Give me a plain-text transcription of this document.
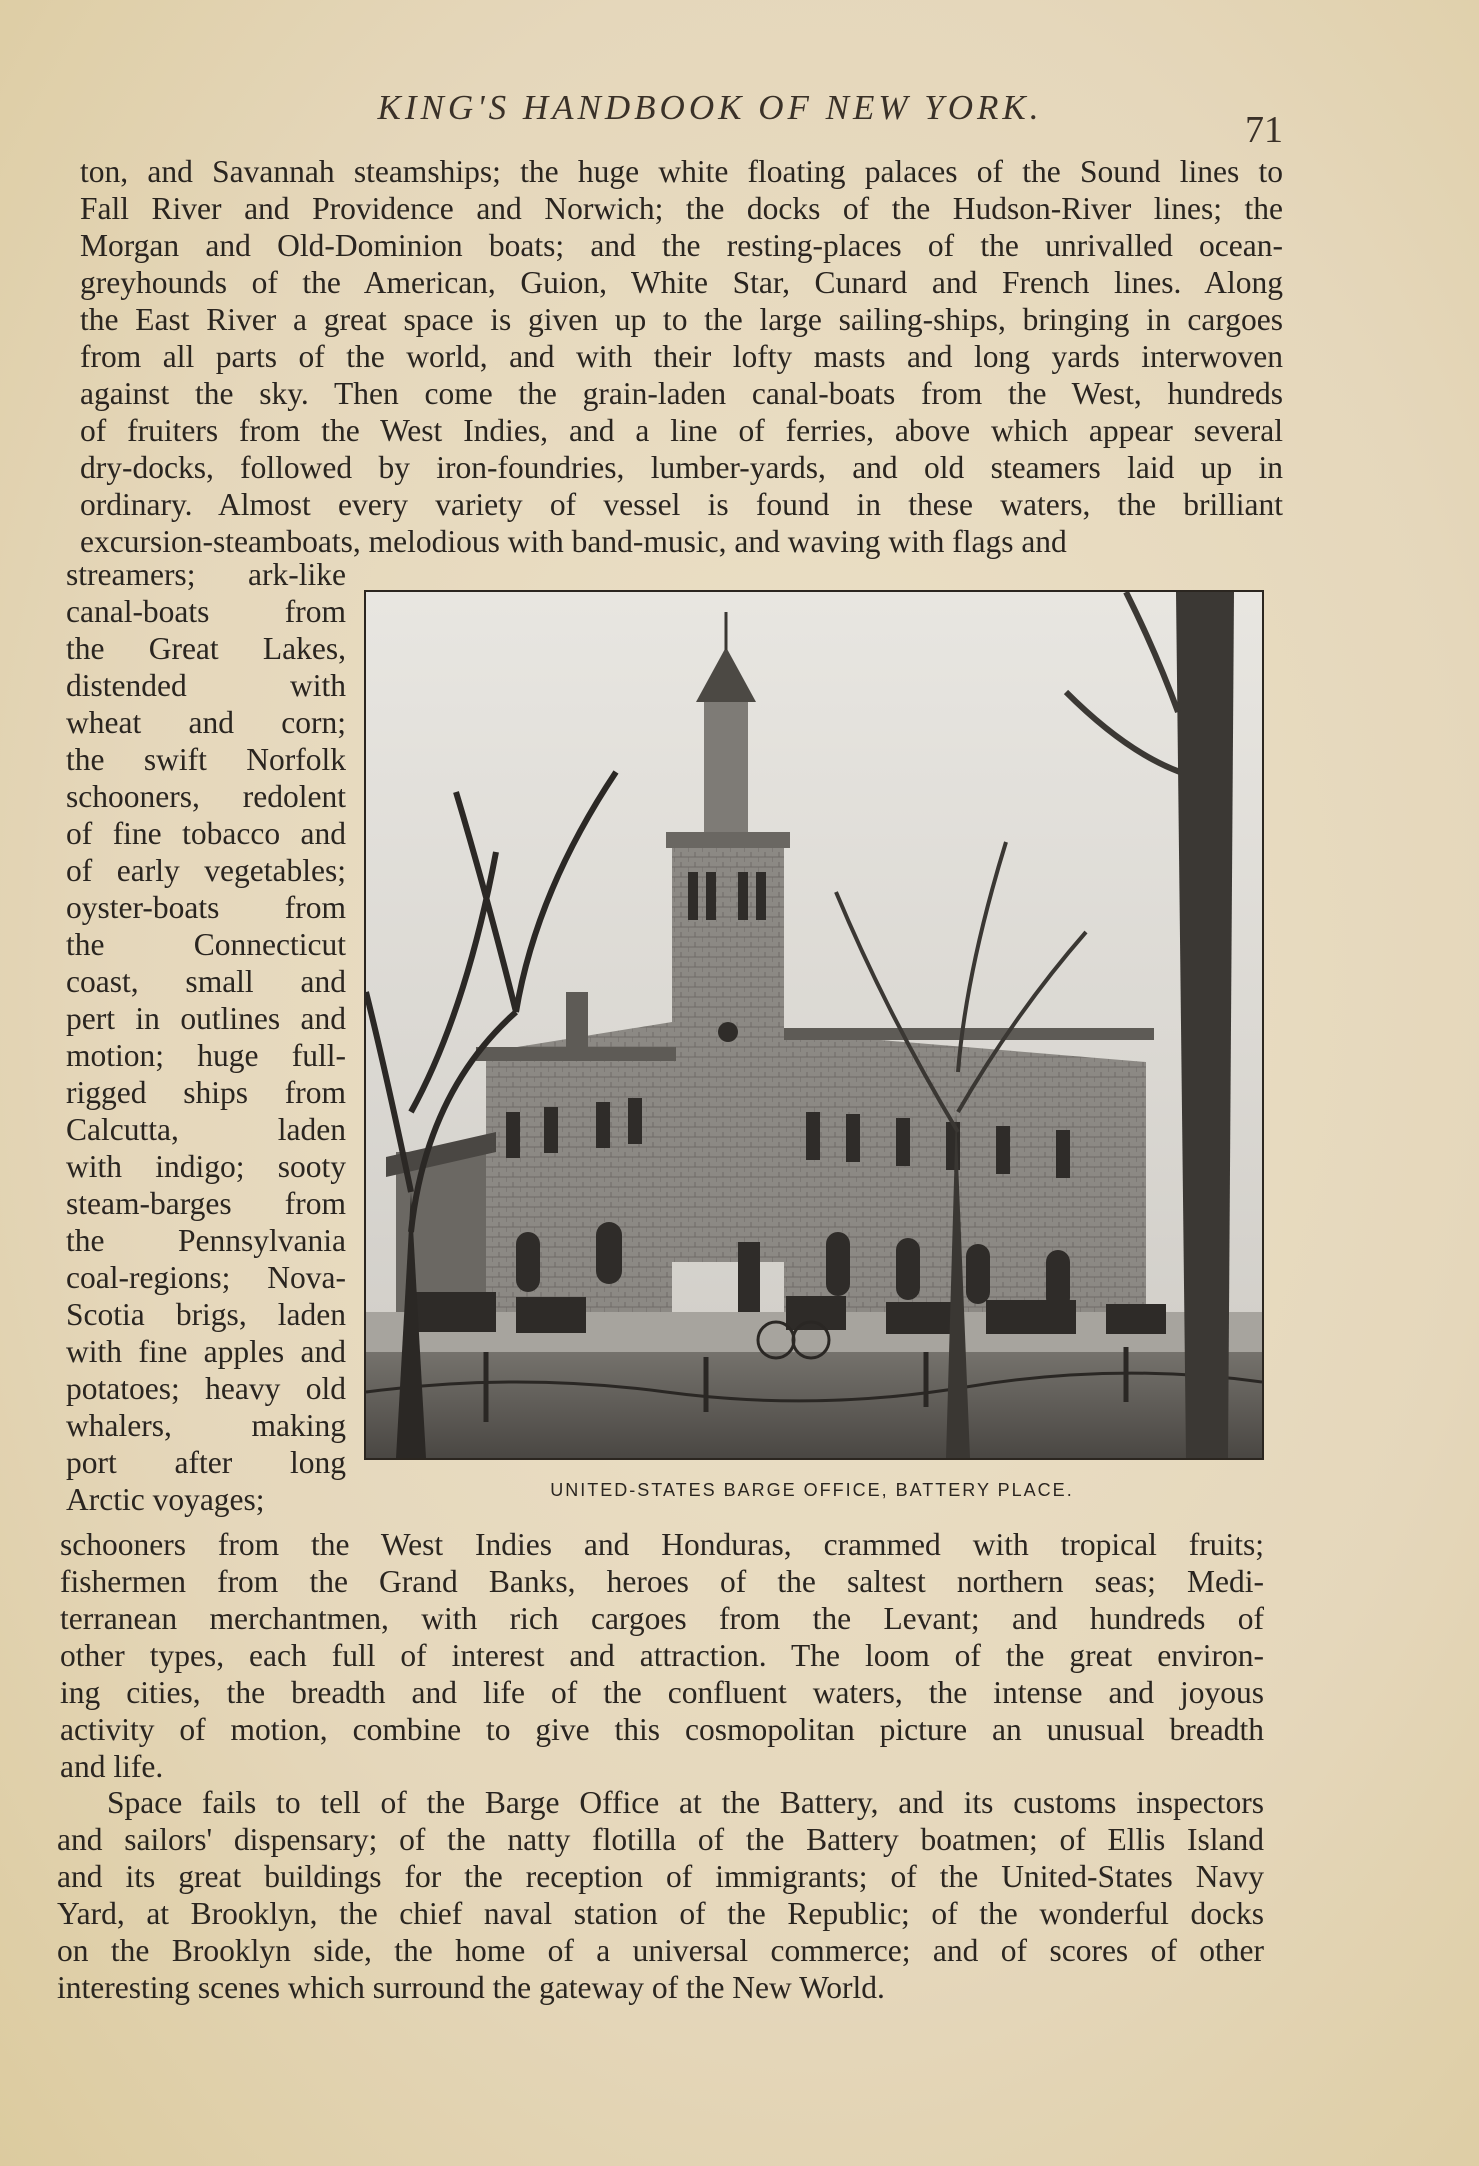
KING'S HANDBOOK OF NEW YORK.
71
ton, and Savannah steamships; the huge white floating palaces of the Sound lines to
Fall River and Providence and Norwich; the docks of the Hudson-River lines; the
Morgan and Old-Dominion boats; and the resting-places of the unrivalled ocean-
greyhounds of the American, Guion, White Star, Cunard and French lines. Along
the East River a great space is given up to the large sailing-ships, bringing in cargoes
from all parts of the world, and with their lofty masts and long yards interwoven
against the sky. Then come the grain-laden canal-boats from the West, hundreds
of fruiters from the West Indies, and a line of ferries, above which appear several
dry-docks, followed by iron-foundries, lumber-yards, and old steamers laid up in
ordinary. Almost every variety of vessel is found in these waters, the brilliant
excursion-steamboats, melodious with band-music, and waving with flags and
streamers; ark-like
canal-boats from
the Great Lakes,
distended with
wheat and corn;
the swift Norfolk
schooners, redolent
of fine tobacco and
of early vegetables;
oyster-boats from
the Connecticut
coast, small and
pert in outlines and
motion; huge full-
rigged ships from
Calcutta, laden
with indigo; sooty
steam-barges from
the Pennsylvania
coal-regions; Nova-
Scotia brigs, laden
with fine apples and
potatoes; heavy old
whalers, making
port after long
Arctic voyages;	UNITED-STATES BARGE OFFICE, BATTERY PLACE.
schooners from the West Indies and Honduras, crammed with tropical fruits;
fishermen from the Grand Banks, heroes of the saltest northern seas; Medi-
terranean merchantmen, with rich cargoes from the Levant; and hundreds of
other types, each full of interest and attraction. The loom of the great environ-
ing cities, the breadth and life of the confluent waters, the intense and joyous
activity of motion, combine to give this cosmopolitan picture an unusual breadth
and life.
Space fails to tell of the Barge Office at the Battery, and its customs inspectors
and sailors' dispensary; of the natty flotilla of the Battery boatmen; of Ellis Island
and its great buildings for the reception of immigrants; of the United-States Navy
Yard, at Brooklyn, the chief naval station of the Republic; of the wonderful docks
on the Brooklyn side, the home of a universal commerce; and of scores of other
interesting scenes which surround the gateway of the New World.
